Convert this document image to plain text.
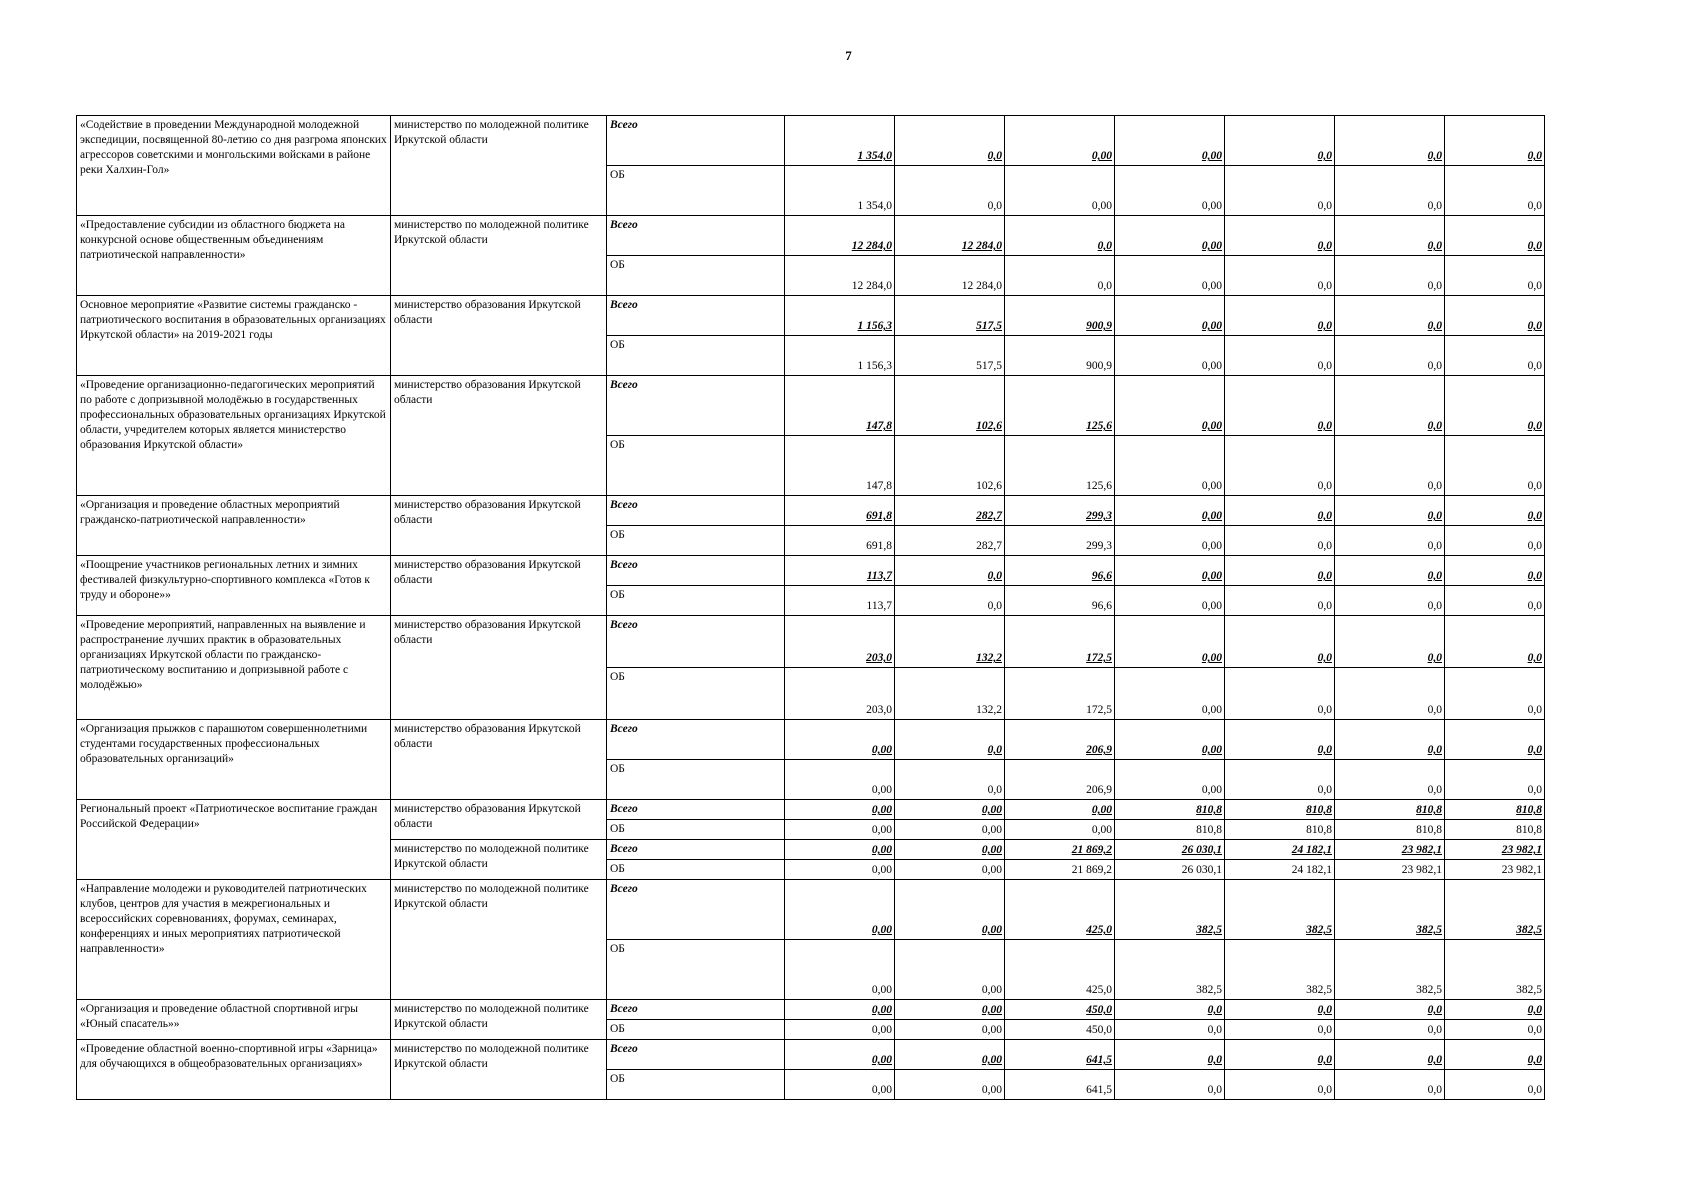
7
«Содействие в проведении Международной молодежной экспедиции, посвященной 80-летию со дня разгрома японских агрессоров советскими и монгольскими войсками в районе реки Халхин-Гол»	министерство по молодежной политике Иркутской области	Всего	1 354,0	0,0	0,00	0,00	0,0	0,0	0,0
		ОБ	1 354,0	0,0	0,00	0,00	0,0	0,0	0,0
«Предоставление субсидии из областного бюджета на конкурсной основе общественным объединениям патриотической направленности»	министерство по молодежной политике Иркутской области	Всего	12 284,0	12 284,0	0,0	0,00	0,0	0,0	0,0
		ОБ	12 284,0	12 284,0	0,0	0,00	0,0	0,0	0,0
Основное мероприятие «Развитие системы гражданско - патриотического воспитания в образовательных организациях Иркутской области» на 2019-2021 годы	министерство образования Иркутской области	Всего	1 156,3	517,5	900,9	0,00	0,0	0,0	0,0
		ОБ	1 156,3	517,5	900,9	0,00	0,0	0,0	0,0
«Проведение организационно-педагогических мероприятий по работе с допризывной молодёжью в государственных профессиональных образовательных организациях Иркутской области, учредителем которых является министерство образования Иркутской области»	министерство образования Иркутской области	Всего	147,8	102,6	125,6	0,00	0,0	0,0	0,0
		ОБ	147,8	102,6	125,6	0,00	0,0	0,0	0,0
«Организация и проведение областных мероприятий гражданско-патриотической направленности»	министерство образования Иркутской области	Всего	691,8	282,7	299,3	0,00	0,0	0,0	0,0
		ОБ	691,8	282,7	299,3	0,00	0,0	0,0	0,0
«Поощрение участников региональных летних и зимних фестивалей физкультурно-спортивного комплекса «Готов к труду и обороне»»	министерство образования Иркутской области	Всего	113,7	0,0	96,6	0,00	0,0	0,0	0,0
		ОБ	113,7	0,0	96,6	0,00	0,0	0,0	0,0
«Проведение мероприятий, направленных на выявление и распространение лучших практик в образовательных организациях Иркутской области по гражданско-патриотическому воспитанию и допризывной работе с молодёжью»	министерство образования Иркутской области	Всего	203,0	132,2	172,5	0,00	0,0	0,0	0,0
		ОБ	203,0	132,2	172,5	0,00	0,0	0,0	0,0
«Организация прыжков с парашютом совершеннолетними студентами государственных профессиональных образовательных организаций»	министерство образования Иркутской области	Всего	0,00	0,0	206,9	0,00	0,0	0,0	0,0
		ОБ	0,00	0,0	206,9	0,00	0,0	0,0	0,0
Региональный проект «Патриотическое воспитание граждан Российской Федерации»	министерство образования Иркутской области	Всего	0,00	0,00	0,00	810,8	810,8	810,8	810,8
		ОБ	0,00	0,00	0,00	810,8	810,8	810,8	810,8
	министерство по молодежной политике Иркутской области	Всего	0,00	0,00	21 869,2	26 030,1	24 182,1	23 982,1	23 982,1
		ОБ	0,00	0,00	21 869,2	26 030,1	24 182,1	23 982,1	23 982,1
«Направление молодежи и руководителей патриотических клубов, центров для участия в межрегиональных и всероссийских соревнованиях, форумах, семинарах, конференциях и иных мероприятиях патриотической направленности»	министерство по молодежной политике Иркутской области	Всего	0,00	0,00	425,0	382,5	382,5	382,5	382,5
		ОБ	0,00	0,00	425,0	382,5	382,5	382,5	382,5
«Организация и проведение областной спортивной игры «Юный спасатель»»	министерство по молодежной политике Иркутской области	Всего	0,00	0,00	450,0	0,0	0,0	0,0	0,0
		ОБ	0,00	0,00	450,0	0,0	0,0	0,0	0,0
«Проведение областной военно-спортивной игры «Зарница» для обучающихся в общеобразовательных организациях»	министерство по молодежной политике Иркутской области	Всего	0,00	0,00	641,5	0,0	0,0	0,0	0,0
		ОБ	0,00	0,00	641,5	0,0	0,0	0,0	0,0
